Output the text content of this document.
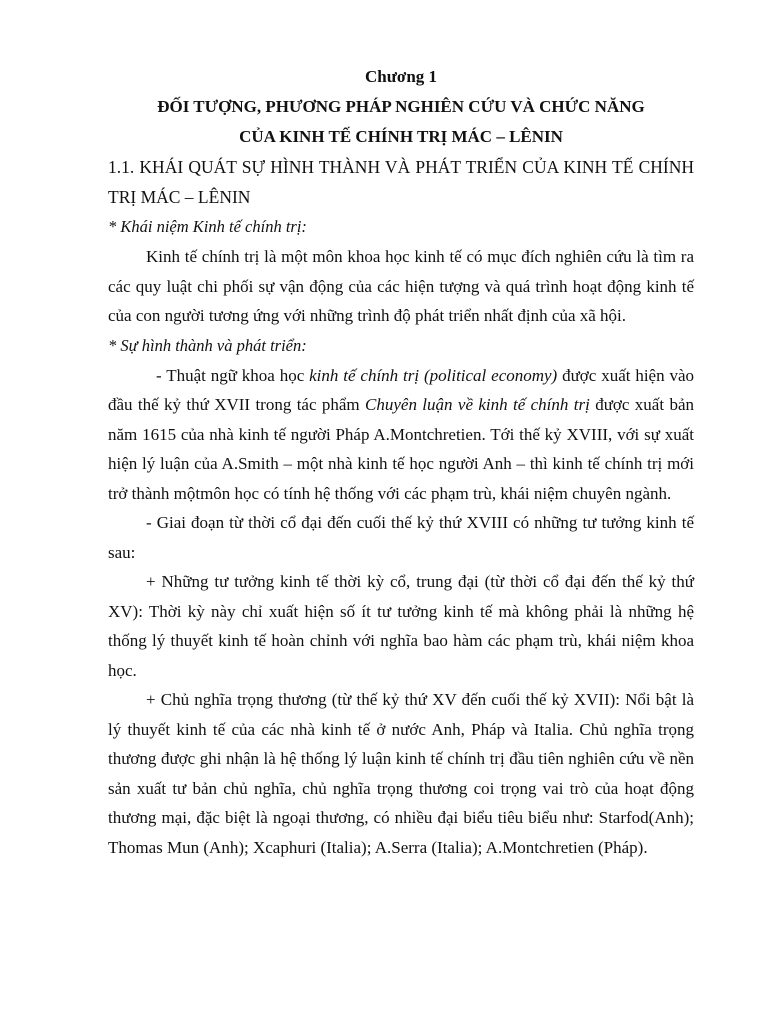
Chương 1

ĐỐI TƯỢNG, PHƯƠNG PHÁP NGHIÊN CỨU VÀ CHỨC NĂNG

CỦA KINH TẾ CHÍNH TRỊ MÁC – LÊNIN

1.1. KHÁI QUÁT SỰ HÌNH THÀNH VÀ PHÁT TRIỂN CỦA KINH TẾ CHÍNH TRỊ MÁC – LÊNIN

* Khái niệm Kinh tế chính trị:

Kinh tế chính trị là một môn khoa học kinh tế có mục đích nghiên cứu là tìm ra các quy luật chi phối sự vận động của các hiện tượng và quá trình hoạt động kinh tế của con người tương ứng với những trình độ phát triển nhất định của xã hội.

* Sự hình thành và phát triển:

- Thuật ngữ khoa học kinh tế chính trị (political economy) được xuất hiện vào đầu thế kỷ thứ XVII trong tác phẩm Chuyên luận về kinh tế chính trị được xuất bản năm 1615 của nhà kinh tế người Pháp A.Montchretien. Tới thế kỷ XVIII, với sự xuất hiện lý luận của A.Smith – một nhà kinh tế học người Anh – thì kinh tế chính trị mới trở thành mộtmôn học có tính hệ thống với các phạm trù, khái niệm chuyên ngành.

- Giai đoạn từ thời cổ đại đến cuối thế kỷ thứ XVIII có những tư tưởng kinh tế sau:

+ Những tư tưởng kinh tế thời kỳ cổ, trung đại (từ thời cổ đại đến thế kỷ thứ XV): Thời kỳ này chỉ xuất hiện số ít tư tưởng kinh tế mà không phải là những hệ thống lý thuyết kinh tế hoàn chỉnh với nghĩa bao hàm các phạm trù, khái niệm khoa học.

+ Chủ nghĩa trọng thương (từ thế kỷ thứ XV đến cuối thế kỷ XVII): Nổi bật là lý thuyết kinh tế của các nhà kinh tế ở nước Anh, Pháp và Italia. Chủ nghĩa trọng thương được ghi nhận là hệ thống lý luận kinh tế chính trị đầu tiên nghiên cứu về nền sản xuất tư bản chủ nghĩa, chủ nghĩa trọng thương coi trọng vai trò của hoạt động thương mại, đặc biệt là ngoại thương, có nhiều đại biểu tiêu biểu như: Starfod(Anh); Thomas Mun (Anh); Xcaphuri (Italia); A.Serra (Italia); A.Montchretien (Pháp).
